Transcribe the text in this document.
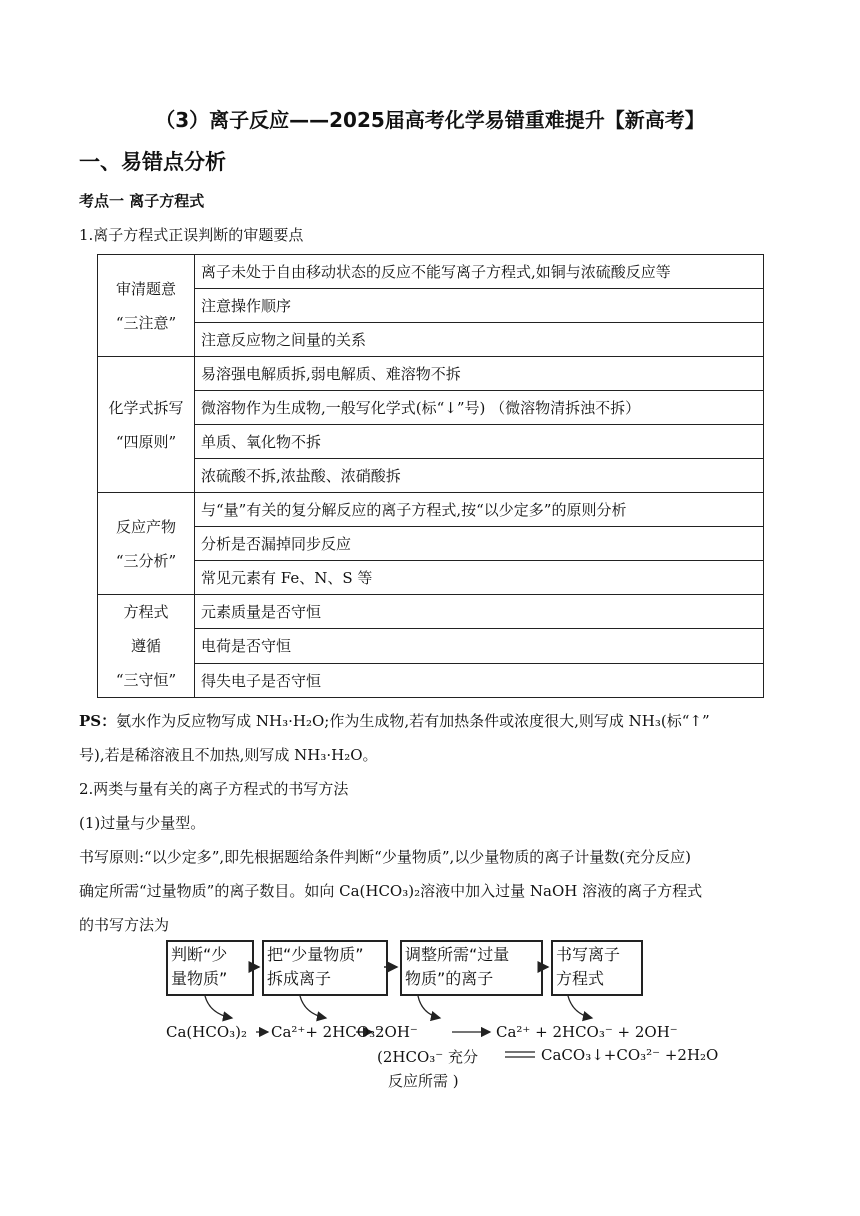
（3）离子反应——2025届高考化学易错重难提升【新高考】
一、易错点分析
考点一 离子方程式
1.离子方程式正误判断的审题要点
审清题意
“三注意”	离子未处于自由移动状态的反应不能写离子方程式,如铜与浓硫酸反应等
	注意操作顺序
	注意反应物之间量的关系

化学式拆写
“四原则”	易溶强电解质拆,弱电解质、难溶物不拆
	微溶物作为生成物,一般写化学式(标“↓”号) （微溶物清拆浊不拆）
	单质、氧化物不拆
	浓硫酸不拆,浓盐酸、浓硝酸拆

反应产物
“三分析”	与“量”有关的复分解反应的离子方程式,按“以少定多”的原则分析
	分析是否漏掉同步反应
	常见元素有 Fe、N、S 等

方程式
遵循
“三守恒”	元素质量是否守恒
	电荷是否守恒
	得失电子是否守恒
PS：氨水作为反应物写成 NH₃·H₂O;作为生成物,若有加热条件或浓度很大,则写成 NH₃(标“↑”
号),若是稀溶液且不加热,则写成 NH₃·H₂O。
2.两类与量有关的离子方程式的书写方法
(1)过量与少量型。
书写原则:“以少定多”,即先根据题给条件判断“少量物质”,以少量物质的离子计量数(充分反应)
确定所需“过量物质”的离子数目。如向 Ca(HCO₃)₂溶液中加入过量 NaOH 溶液的离子方程式
的书写方法为
判断“少
量物质”
把“少量物质”
拆成离子
调整所需“过量
物质”的离子
书写离子
方程式
Ca(HCO₃)₂ Ca²⁺+ 2HCO₃⁻
2OH⁻	Ca²⁺ + 2HCO₃⁻ + 2OH⁻
(2HCO₃⁻ 充分
反应所需 )
CaCO₃↓+CO₃²⁻ +2H₂O
